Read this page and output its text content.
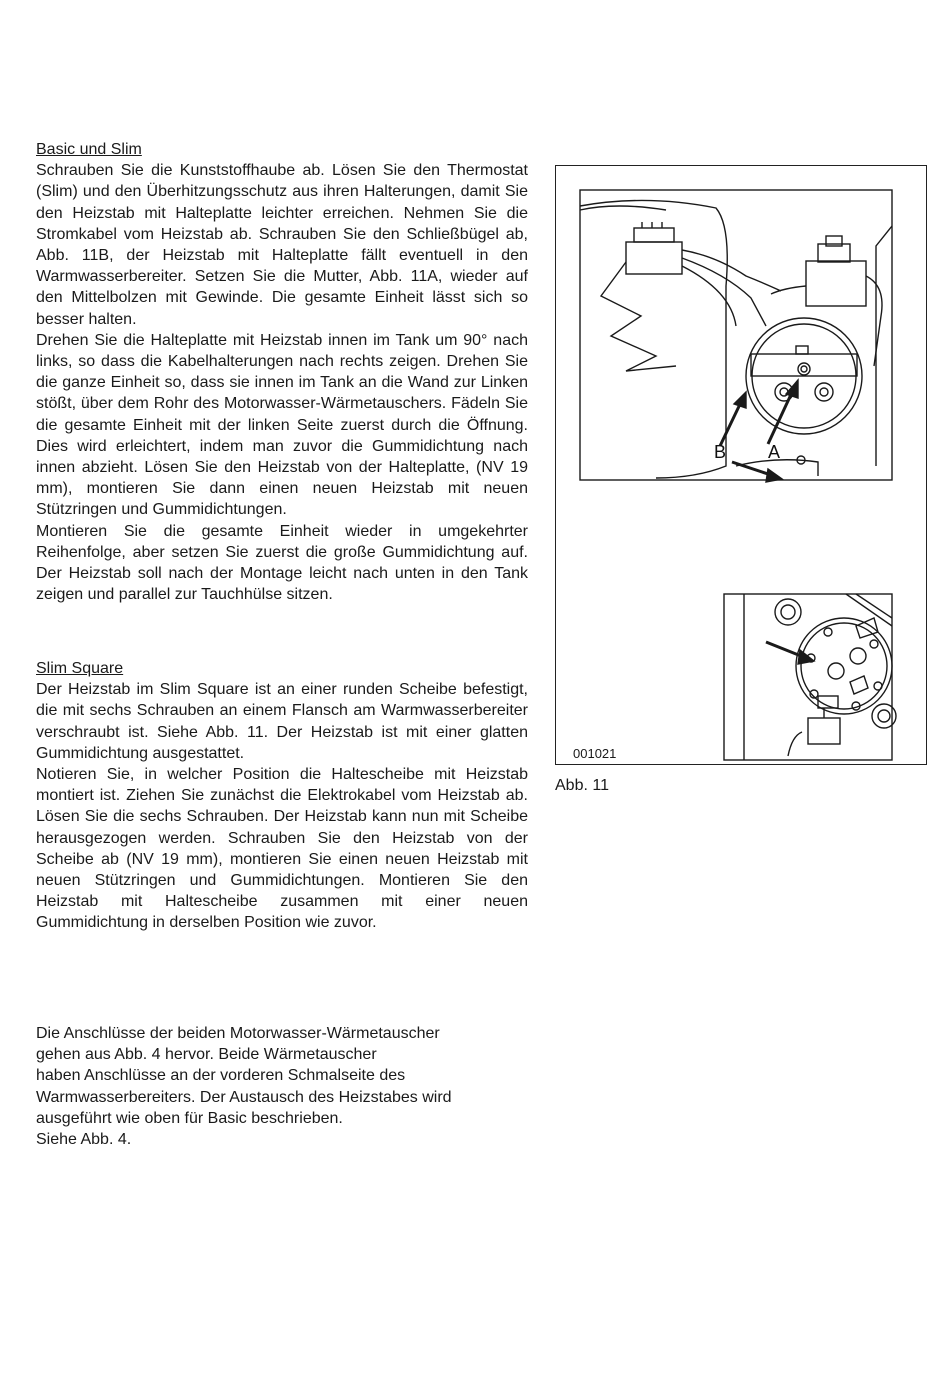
Basic und Slim

Schrauben Sie die Kunststoffhaube ab. Lösen Sie den Thermostat (Slim) und den Überhitzungsschutz aus ihren Halterungen, damit Sie den Heizstab mit Halteplatte leichter erreichen. Nehmen Sie die Stromkabel vom Heizstab ab. Schrauben Sie den Schließbügel ab, Abb. 11B, der Heizstab mit Halteplatte fällt eventuell in den Warmwasserbereiter. Setzen Sie die Mutter, Abb. 11A, wieder auf den Mittelbolzen mit Gewinde. Die gesamte Einheit lässt sich so besser halten.

Drehen Sie die Halteplatte mit Heizstab innen im Tank um 90° nach links, so dass die Kabelhalterungen nach rechts zeigen. Drehen Sie die ganze Einheit so, dass sie innen im Tank an die Wand zur Linken stößt, über dem Rohr des Motorwasser-Wärmetauschers. Fädeln Sie die gesamte Einheit mit der linken Seite zuerst durch die Öffnung. Dies wird erleichtert, indem man zuvor die Gummidichtung nach innen abzieht. Lösen Sie den Heizstab von der Halteplatte, (NV 19 mm), montieren Sie dann einen neuen Heizstab mit neuen Stützringen und Gummidichtungen.

Montieren Sie die gesamte Einheit wieder in umgekehrter Reihenfolge, aber setzen Sie zuerst die große Gummidichtung auf. Der Heizstab soll nach der Montage leicht nach unten in den Tank zeigen und parallel zur Tauchhülse sitzen.

Slim Square

Der Heizstab im Slim Square ist an einer runden Scheibe befestigt, die mit sechs Schrauben an einem Flansch am Warmwasserbereiter verschraubt ist. Siehe Abb. 11. Der Heizstab ist mit einer glatten Gummidichtung ausgestattet.

Notieren Sie, in welcher Position die Haltescheibe mit Heizstab montiert ist. Ziehen Sie zunächst die Elektrokabel vom Heizstab ab. Lösen Sie die sechs Schrauben. Der Heizstab kann nun mit Scheibe herausgezogen werden. Schrauben Sie den Heizstab von der Scheibe ab (NV 19 mm), montieren Sie einen neuen Heizstab mit neuen Stützringen und Gummidichtungen. Montieren Sie den Heizstab mit Haltescheibe zusammen mit einer neuen Gummidichtung in derselben Position wie zuvor.

Die Anschlüsse der beiden Motorwasser-Wärmetauscher

gehen aus Abb. 4 hervor. Beide Wärmetauscher

haben Anschlüsse an der vorderen Schmalseite des

Warmwasserbereiters. Der Austausch des Heizstabes wird

ausgeführt wie oben für Basic beschrieben.

Siehe Abb. 4.

B A
001021
Abb. 11
